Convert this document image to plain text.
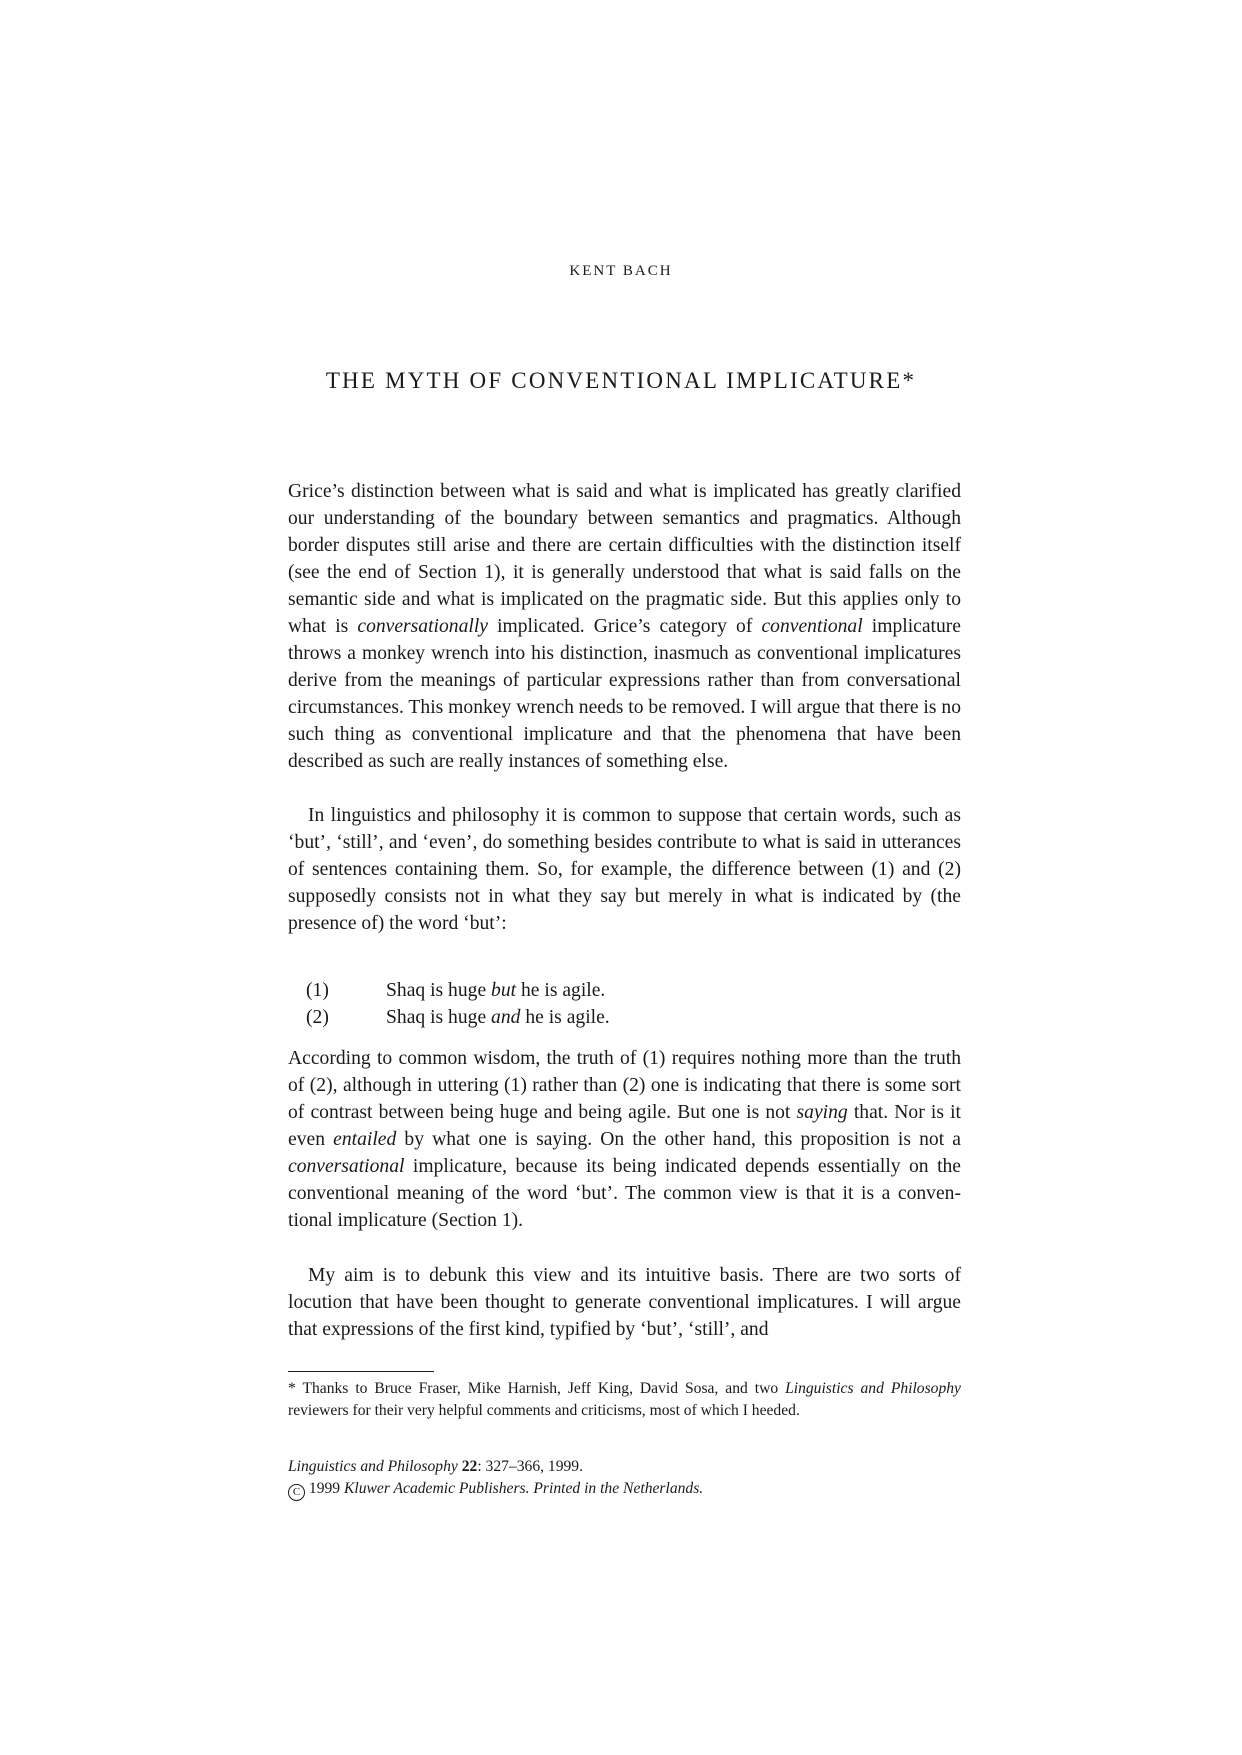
KENT BACH
THE MYTH OF CONVENTIONAL IMPLICATURE*

Grice’s distinction between what is said and what is implicated has greatly clarified our understanding of the boundary between semantics and pragmatics. Although border disputes still arise and there are certain difficulties with the distinction itself (see the end of Section 1), it is generally understood that what is said falls on the semantic side and what is implicated on the pragmatic side. But this applies only to what is conversationally implicated. Grice’s category of conventional implicature throws a monkey wrench into his distinction, inasmuch as conventional implicatures derive from the meanings of particular expressions rather than from conversational circumstances. This monkey wrench needs to be removed. I will argue that there is no such thing as conventional implicature and that the phenomena that have been described as such are really instances of something else.

In linguistics and philosophy it is common to suppose that certain words, such as ‘but’, ‘still’, and ‘even’, do something besides contribute to what is said in utterances of sentences containing them. So, for example, the difference between (1) and (2) supposedly consists not in what they say but merely in what is indicated by (the presence of) the word ‘but’:

(1)	Shaq is huge but he is agile.
(2)	Shaq is huge and he is agile.

According to common wisdom, the truth of (1) requires nothing more than the truth of (2), although in uttering (1) rather than (2) one is indicating that there is some sort of contrast between being huge and being agile. But one is not saying that. Nor is it even entailed by what one is saying. On the other hand, this proposition is not a conversational implicature, because its being indicated depends essentially on the conventional meaning of the word ‘but’. The common view is that it is a conventional implicature (Section 1).

My aim is to debunk this view and its intuitive basis. There are two sorts of locution that have been thought to generate conventional implicatures. I will argue that expressions of the first kind, typified by ‘but’, ‘still’, and

* Thanks to Bruce Fraser, Mike Harnish, Jeff King, David Sosa, and two Linguistics and Philosophy reviewers for their very helpful comments and criticisms, most of which I heeded.
Linguistics and Philosophy 22: 327–366, 1999.
C 1999 Kluwer Academic Publishers. Printed in the Netherlands.
